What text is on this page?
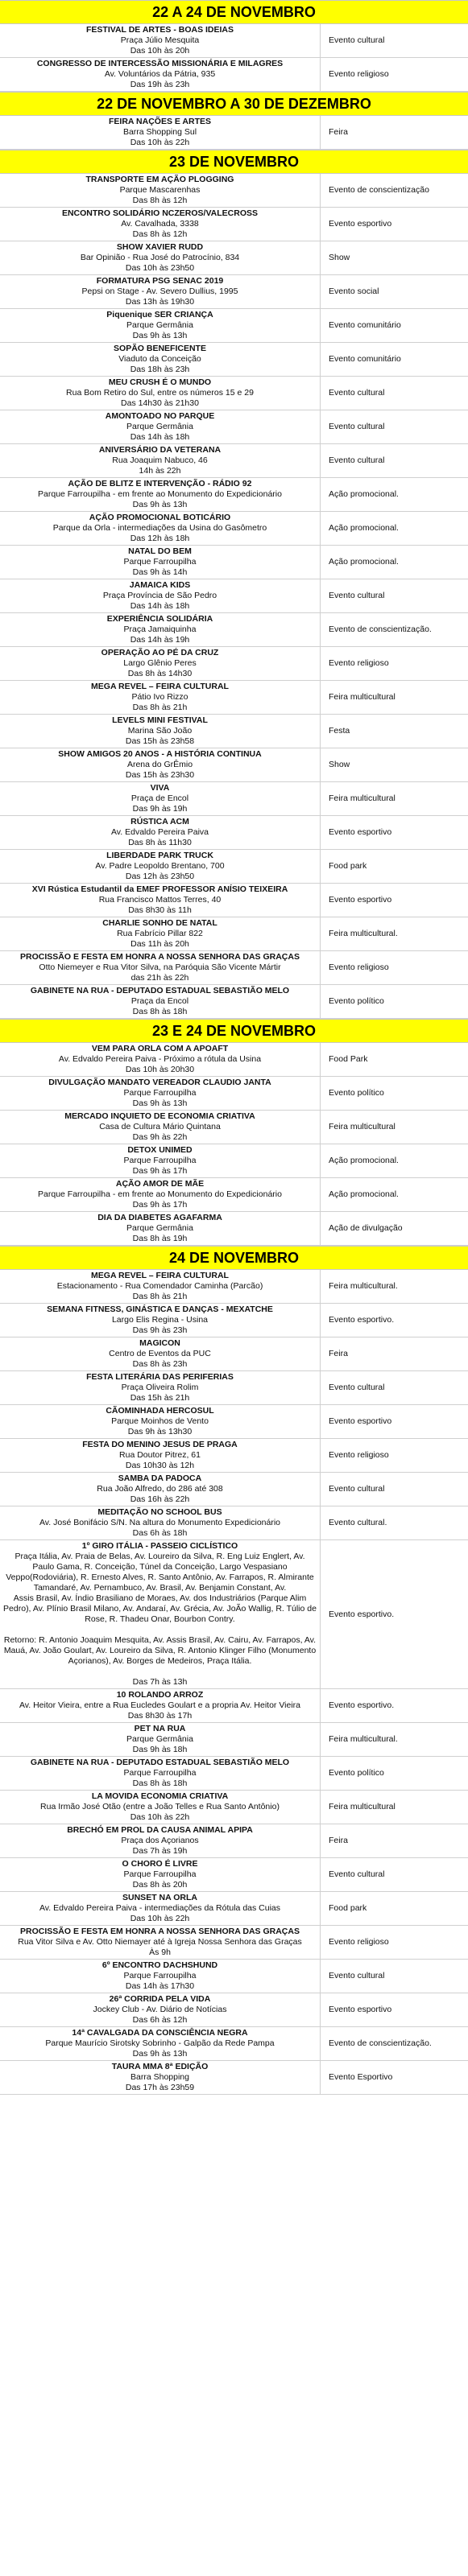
22 A 24 DE NOVEMBRO
FESTIVAL DE ARTES - BOAS IDEIAS
Praça Júlio Mesquita
Das 10h às 20h
Evento cultural
CONGRESSO DE INTERCESSÃO MISSIONÁRIA E MILAGRES
Av. Voluntários da Pátria, 935
Das 19h às 23h
Evento religioso
22 DE NOVEMBRO A 30 DE DEZEMBRO
FEIRA NAÇÕES E ARTES
Barra Shopping Sul
Das 10h às 22h
Feira
23 DE NOVEMBRO
TRANSPORTE EM AÇÃO PLOGGING
Parque Mascarenhas
Das 8h às 12h
Evento de conscientização
ENCONTRO SOLIDÁRIO NCZEROS/VALECROSS
Av. Cavalhada, 3338
Das 8h às 12h
Evento esportivo
SHOW XAVIER RUDD
Bar Opinião - Rua José do Patrocínio, 834
Das 10h às 23h50
Show
FORMATURA PSG SENAC 2019
Pepsi on Stage - Av. Severo Dullius, 1995
Das 13h às 19h30
Evento social
Piquenique SER CRIANÇA
Parque Germânia
Das 9h às 13h
Evento comunitário
SOPÃO BENEFICENTE
Viaduto da Conceição
Das 18h às 23h
Evento comunitário
MEU CRUSH É O MUNDO
Rua Bom Retiro do Sul, entre os números 15 e 29
Das 14h30 às 21h30
Evento cultural
AMONTOADO NO PARQUE
Parque Germânia
Das 14h às 18h
Evento cultural
ANIVERSÁRIO DA VETERANA
Rua Joaquim Nabuco, 46
14h às 22h
Evento cultural
AÇÃO DE BLITZ E INTERVENÇÃO - RÁDIO 92
Parque Farroupilha - em frente ao Monumento do Expedicionário
Das 9h às 13h
Ação promocional.
AÇÃO PROMOCIONAL BOTICÁRIO
Parque da Orla - intermediações da Usina do Gasômetro
Das 12h às 18h
Ação promocional.
NATAL DO BEM
Parque Farroupilha
Das 9h às 14h
Ação promocional.
JAMAICA KIDS
Praça Província de São Pedro
Das 14h às 18h
Evento cultural
EXPERIÊNCIA SOLIDÁRIA
Praça Jamaiquinha
Das 14h às 19h
Evento de conscientização.
OPERAÇÃO AO PÉ DA CRUZ
Largo Glênio Peres
Das 8h às 14h30
Evento religioso
MEGA REVEL – FEIRA CULTURAL
Pátio Ivo Rizzo
Das 8h às 21h
Feira multicultural
LEVELS MINI FESTIVAL
Marina São João
Das 15h às 23h58
Festa
SHOW AMIGOS 20 ANOS - A HISTÓRIA CONTINUA
Arena do GrÊmio
Das 15h às 23h30
Show
VIVA
Praça de Encol
Das 9h às 19h
Feira multicultural
RÚSTICA ACM
Av. Edvaldo Pereira Paiva
Das 8h às 11h30
Evento esportivo
LIBERDADE PARK TRUCK
Av. Padre Leopoldo Brentano, 700
Das 12h às 23h50
Food park
XVI Rústica Estudantil da EMEF PROFESSOR ANÍSIO TEIXEIRA
Rua Francisco Mattos Terres, 40
Das 8h30 às 11h
Evento esportivo
CHARLIE SONHO DE NATAL
Rua Fabrício Pillar 822
Das 11h às 20h
Feira multicultural.
PROCISSÃO E FESTA EM HONRA A NOSSA SENHORA DAS GRAÇAS
Otto Niemeyer e Rua Vitor Silva, na Paróquia São Vicente Mártir
das 21h às 22h
Evento religioso
GABINETE NA RUA - DEPUTADO ESTADUAL SEBASTIÃO MELO
Praça da Encol
Das 8h às 18h
Evento político
23 E 24 DE NOVEMBRO
VEM PARA ORLA COM A APOAFT
Av. Edvaldo Pereira Paiva - Próximo a rótula da Usina
Das 10h às 20h30
Food Park
DIVULGAÇÃO MANDATO VEREADOR CLAUDIO JANTA
Parque Farroupilha
Das 9h às 13h
Evento político
MERCADO INQUIETO DE ECONOMIA CRIATIVA
Casa de Cultura Mário Quintana
Das 9h às 22h
Feira multicultural
DETOX UNIMED
Parque Farroupilha
Das 9h às 17h
Ação promocional.
AÇÃO AMOR DE MÃE
Parque Farroupilha - em frente ao Monumento do Expedicionário
Das 9h às 17h
Ação promocional.
DIA DA DIABETES AGAFARMA
Parque Germânia
Das 8h às 19h
Ação de divulgação
24 DE NOVEMBRO
MEGA REVEL – FEIRA CULTURAL
Estacionamento - Rua Comendador Caminha (Parcão)
Das 8h às 21h
Feira multicultural.
SEMANA FITNESS, GINÁSTICA E DANÇAS - MEXATCHE
Largo Elis Regina - Usina
Das 9h às 23h
Evento esportivo.
MAGICON
Centro de Eventos da PUC
Das 8h às 23h
Feira
FESTA LITERÁRIA DAS PERIFERIAS
Praça Oliveira Rolim
Das 15h às 21h
Evento cultural
CÃOMINHADA HERCOSUL
Parque Moinhos de Vento
Das 9h às 13h30
Evento esportivo
FESTA DO MENINO JESUS DE PRAGA
Rua Doutor Pitrez, 61
Das 10h30 às 12h
Evento religioso
SAMBA DA PADOCA
Rua João Alfredo, do 286 até 308
Das 16h às 22h
Evento cultural
MEDITAÇÃO NO SCHOOL BUS
Av. José Bonifácio S/N. Na altura do Monumento Expedicionário
Das 6h às 18h
Evento cultural.
1º GIRO ITÁLIA - PASSEIO CICLÍSTICO
Praça Itália, Av. Praia de Belas, Av. Loureiro da Silva, R. Eng Luiz Englert, Av. Paulo Gama, R. Conceição, Túnel da Conceição, Largo Vespasiano Veppo(Rodoviária), R. Ernesto Alves, R. Santo Antônio, Av. Farrapos, R. Almirante Tamandaré, Av. Pernambuco, Av. Brasil, Av. Benjamin Constant, Av.
Assis Brasil, Av. Índio Brasiliano de Moraes, Av. dos Industriários (Parque Alim Pedro), Av. Plínio Brasil Milano, Av. Andaraí, Av. Grécia, Av. JoÃo Wallig, R. Túlio de Rose, R. Thadeu Onar, Bourbon Contry.

Retorno: R. Antonio Joaquim Mesquita, Av. Assis Brasil, Av. Cairu, Av. Farrapos, Av. Mauá, Av. João Goulart, Av. Loureiro da Silva, R. Antonio Klinger Filho (Monumento Açorianos), Av. Borges de Medeiros, Praça Itália.

Das 7h às 13h
Evento esportivo.
10 ROLANDO ARROZ
Av. Heitor Vieira, entre a Rua Eucledes Goulart e a propria Av. Heitor Vieira
Das 8h30 às 17h
Evento esportivo.
PET NA RUA
Parque Germânia
Das 9h às 18h
Feira multicultural.
GABINETE NA RUA - DEPUTADO ESTADUAL SEBASTIÃO MELO
Parque Farroupilha
Das 8h às 18h
Evento político
LA MOVIDA ECONOMIA CRIATIVA
Rua Irmão José Otão (entre a João Telles e Rua Santo Antônio)
Das 10h às 22h
Feira multicultural
BRECHÓ EM PROL DA CAUSA ANIMAL APIPA
Praça dos Açorianos
Das 7h às 19h
Feira
O CHORO É LIVRE
Parque Farroupilha
Das 8h às 20h
Evento cultural
SUNSET NA ORLA
Av. Edvaldo Pereira Paiva - intermediações da Rótula das Cuias
Das 10h às 22h
Food park
PROCISSÃO E FESTA EM HONRA A NOSSA SENHORA DAS GRAÇAS
Rua Vitor Silva e Av. Otto Niemayer até à Igreja Nossa Senhora das Graças
Às 9h
Evento religioso
6º ENCONTRO DACHSHUND
Parque Farroupilha
Das 14h às 17h30
Evento cultural
26ª CORRIDA PELA VIDA
Jockey Club - Av. Diário de Notícias
Das 6h às 12h
Evento esportivo
14ª CAVALGADA DA CONSCIÊNCIA NEGRA
Parque Maurício Sirotsky Sobrinho - Galpão da Rede Pampa
Das 9h às 13h
Evento de conscientização.
TAURA MMA 8ª EDIÇÃO
Barra Shopping
Das 17h às 23h59
Evento Esportivo
